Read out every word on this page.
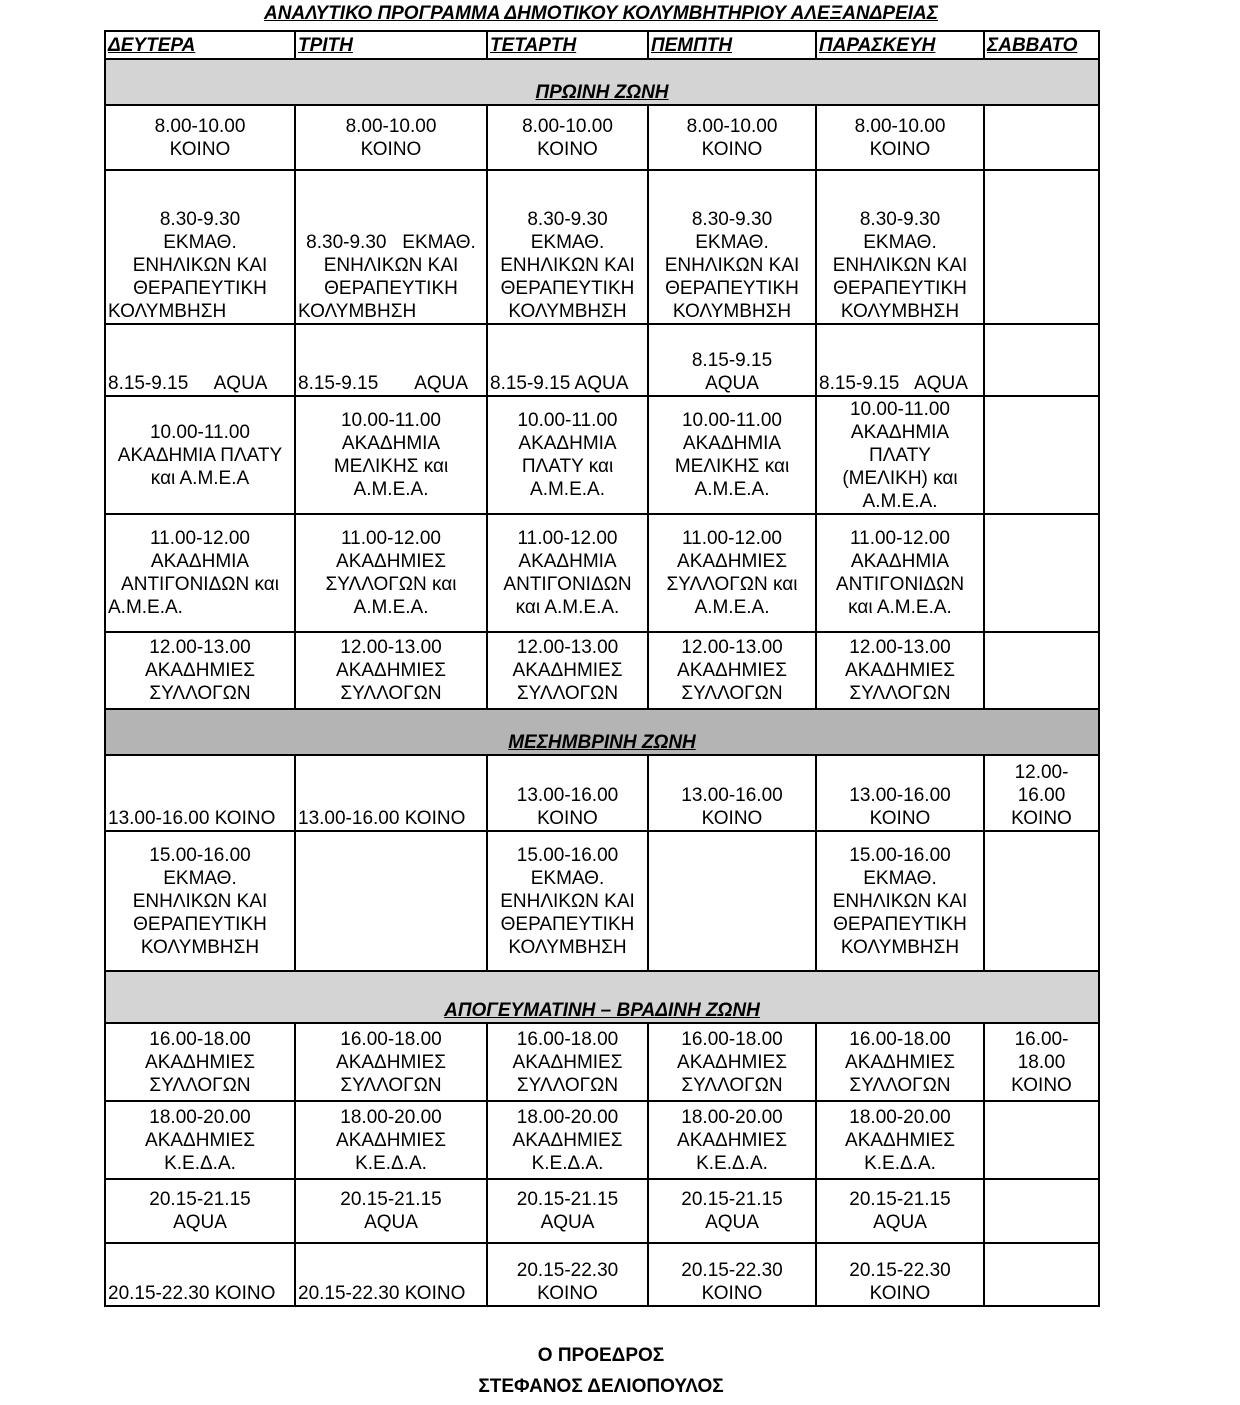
ΑΝΑΛΥΤΙΚΟ ΠΡΟΓΡΑΜΜΑ ΔΗΜΟΤΙΚΟΥ ΚΟΛΥΜΒΗΤΗΡΙΟΥ ΑΛΕΞΑΝΔΡΕΙΑΣ
ΔΕΥΤΕΡΑ	ΤΡΙΤΗ	ΤΕΤΑΡΤΗ	ΠΕΜΠΤΗ	ΠΑΡΑΣΚΕΥΗ	ΣΑΒΒΑΤΟ
ΠΡΩΙΝΗ ΖΩΝΗ					

8.00-10.00
ΚΟΙΝΟ	8.00-10.00
ΚΟΙΝΟ	8.00-10.00
ΚΟΙΝΟ	8.00-10.00
ΚΟΙΝΟ	8.00-10.00
ΚΟΙΝΟ	

8.30-9.30
ΕΚΜΑΘ.
ΕΝΗΛΙΚΩΝ ΚΑΙ
ΘΕΡΑΠΕΥΤΙΚΗ
ΚΟΛΥΜΒΗΣΗ	8.30-9.30   ΕΚΜΑΘ.
ΕΝΗΛΙΚΩΝ ΚΑΙ
ΘΕΡΑΠΕΥΤΙΚΗ
ΚΟΛΥΜΒΗΣΗ	8.30-9.30
ΕΚΜΑΘ.
ΕΝΗΛΙΚΩΝ ΚΑΙ
ΘΕΡΑΠΕΥΤΙΚΗ
ΚΟΛΥΜΒΗΣΗ	8.30-9.30
ΕΚΜΑΘ.
ΕΝΗΛΙΚΩΝ ΚΑΙ
ΘΕΡΑΠΕΥΤΙΚΗ
ΚΟΛΥΜΒΗΣΗ	8.30-9.30
ΕΚΜΑΘ.
ΕΝΗΛΙΚΩΝ ΚΑΙ
ΘΕΡΑΠΕΥΤΙΚΗ
ΚΟΛΥΜΒΗΣΗ	

8.15-9.15     AQUA	8.15-9.15       AQUA	8.15-9.15 AQUA	8.15-9.15
AQUA	8.15-9.15   AQUA	

10.00-11.00
ΑΚΑΔΗΜΙΑ ΠΛΑΤΥ
και Α.Μ.Ε.Α	10.00-11.00
ΑΚΑΔΗΜΙΑ
ΜΕΛΙΚΗΣ και
Α.Μ.Ε.Α.	10.00-11.00
ΑΚΑΔΗΜΙΑ
ΠΛΑΤΥ και
Α.Μ.Ε.Α.	10.00-11.00
ΑΚΑΔΗΜΙΑ
ΜΕΛΙΚΗΣ και
Α.Μ.Ε.Α.	10.00-11.00
ΑΚΑΔΗΜΙΑ
ΠΛΑΤΥ
(ΜΕΛΙΚΗ) και
Α.Μ.Ε.Α.	

11.00-12.00
ΑΚΑΔΗΜΙΑ
ΑΝΤΙΓΟΝΙΔΩΝ και
Α.Μ.Ε.Α.	11.00-12.00
ΑΚΑΔΗΜΙΕΣ
ΣΥΛΛΟΓΩΝ και
Α.Μ.Ε.Α.	11.00-12.00
ΑΚΑΔΗΜΙΑ
ΑΝΤΙΓΟΝΙΔΩΝ
και Α.Μ.Ε.Α.	11.00-12.00
ΑΚΑΔΗΜΙΕΣ
ΣΥΛΛΟΓΩΝ και
Α.Μ.Ε.Α.	11.00-12.00
ΑΚΑΔΗΜΙΑ
ΑΝΤΙΓΟΝΙΔΩΝ
και Α.Μ.Ε.Α.	

12.00-13.00
ΑΚΑΔΗΜΙΕΣ
ΣΥΛΛΟΓΩΝ	12.00-13.00
ΑΚΑΔΗΜΙΕΣ
ΣΥΛΛΟΓΩΝ	12.00-13.00
ΑΚΑΔΗΜΙΕΣ
ΣΥΛΛΟΓΩΝ	12.00-13.00
ΑΚΑΔΗΜΙΕΣ
ΣΥΛΛΟΓΩΝ	12.00-13.00
ΑΚΑΔΗΜΙΕΣ
ΣΥΛΛΟΓΩΝ	

ΜΕΣΗΜΒΡΙΝΗ ΖΩΝΗ					

13.00-16.00 ΚΟΙΝΟ	13.00-16.00 ΚΟΙΝΟ	13.00-16.00
ΚΟΙΝΟ	13.00-16.00
ΚΟΙΝΟ	13.00-16.00
ΚΟΙΝΟ	12.00-
16.00
ΚΟΙΝΟ

15.00-16.00
ΕΚΜΑΘ.
ΕΝΗΛΙΚΩΝ ΚΑΙ
ΘΕΡΑΠΕΥΤΙΚΗ
ΚΟΛΥΜΒΗΣΗ		15.00-16.00
ΕΚΜΑΘ.
ΕΝΗΛΙΚΩΝ ΚΑΙ
ΘΕΡΑΠΕΥΤΙΚΗ
ΚΟΛΥΜΒΗΣΗ		15.00-16.00
ΕΚΜΑΘ.
ΕΝΗΛΙΚΩΝ ΚΑΙ
ΘΕΡΑΠΕΥΤΙΚΗ
ΚΟΛΥΜΒΗΣΗ	

ΑΠΟΓΕΥΜΑΤΙΝΗ – ΒΡΑΔΙΝΗ ΖΩΝΗ					

16.00-18.00
ΑΚΑΔΗΜΙΕΣ
ΣΥΛΛΟΓΩΝ	16.00-18.00
ΑΚΑΔΗΜΙΕΣ
ΣΥΛΛΟΓΩΝ	16.00-18.00
ΑΚΑΔΗΜΙΕΣ
ΣΥΛΛΟΓΩΝ	16.00-18.00
ΑΚΑΔΗΜΙΕΣ
ΣΥΛΛΟΓΩΝ	16.00-18.00
ΑΚΑΔΗΜΙΕΣ
ΣΥΛΛΟΓΩΝ	16.00-
18.00
ΚΟΙΝΟ

18.00-20.00
ΑΚΑΔΗΜΙΕΣ
Κ.Ε.Δ.Α.	18.00-20.00
ΑΚΑΔΗΜΙΕΣ
Κ.Ε.Δ.Α.	18.00-20.00
ΑΚΑΔΗΜΙΕΣ
Κ.Ε.Δ.Α.	18.00-20.00
ΑΚΑΔΗΜΙΕΣ
Κ.Ε.Δ.Α.	18.00-20.00
ΑΚΑΔΗΜΙΕΣ
Κ.Ε.Δ.Α.	

20.15-21.15
AQUA	20.15-21.15
AQUA	20.15-21.15
AQUA	20.15-21.15
AQUA	20.15-21.15
AQUA	

20.15-22.30 ΚΟΙΝΟ	20.15-22.30 ΚΟΙΝΟ	20.15-22.30
ΚΟΙΝΟ	20.15-22.30
ΚΟΙΝΟ	20.15-22.30
ΚΟΙΝΟ	

Ο ΠΡΟΕΔΡΟΣ
ΣΤΕΦΑΝΟΣ ΔΕΛΙΟΠΟΥΛΟΣ
